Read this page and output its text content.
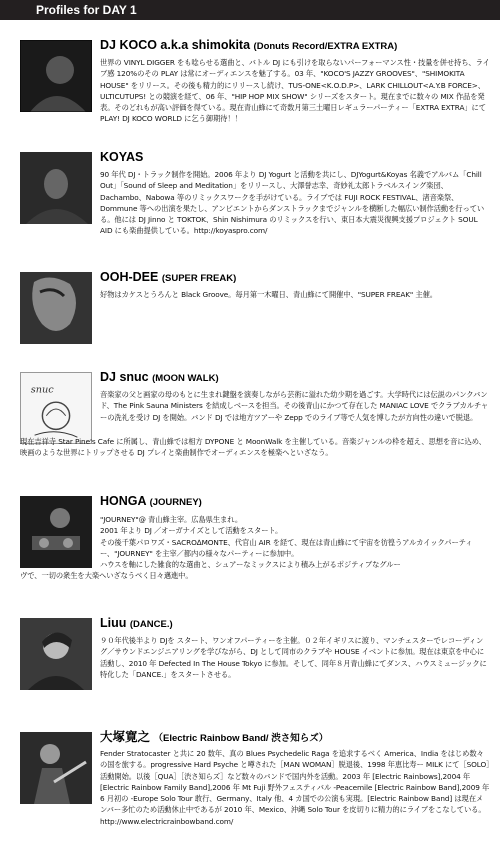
Profiles for DAY 1
DJ KOCO a.k.a shimokita (Donuts Record/EXTRA EXTRA)
世界の VINYL DIGGER をも唸らせる選曲と、バトル DJ にも引けを取らないパーフォーマンス性・技量を併せ持ち、ライブ感 120%のその PLAY は常にオーディエンスを魅了する。03 年、"KOCO'S JAZZY GROOVES"、"SHIMOKITA HOUSE" をリリース。その後も精力的にリリースし続け、TUS-ONE<K.O.D.P>、LARK CHILLOUT<A.Y.B FORCE>、ULTICUTUPS! との競演を経て、06 年、"HIP HOP MIX SHOW" シリーズをスタート。現在までに数々の MIX 作品を発表。そのどれもが高い評価を得ている。現在青山蜂にて奇数月第三土曜日レギュラーパーティー「EXTRA EXTRA」にて PLAY! DJ KOCO WORLD に乞う御期待！！
KOYAS
90 年代 DJ・トラック制作を開始。2006 年より DJ Yogurt と活動を共にし、DJYogurt&Koyas 名義でアルバム「Chill Out」「Sound of Sleep and Meditation」をリリースし、大澤誉志幸、奇妙礼太郎トラベルスイング楽団、Dachambo、Nabowa 等のリミックスワークを手がけている。ライブでは FUJI ROCK FESTIVAL、渚音楽祭、Dommune 等への出演を果たし、アンビエントからダンストラックまでジャンルを横断した幅広い制作活動を行っている。他には DJ Jinno と TOKTOK、Shin Nishimura のリミックスを行い、東日本大震災復興支援プロジェクト SOUL AID にも楽曲提供している。http://koyaspro.com/
OOH-DEE (SUPER FREAK)
好物はカケスとうろんと Black Groove。毎月第一木曜日、青山蜂にて開催中、"SUPER FREAK" 主催。
snuc
DJ snuc (MOON WALK)
音楽家の父と画家の母のもとに生まれ鍵盤を演奏しながら芸術に溢れた幼少期を過ごす。大学時代には伝説のパンクバンド、The Pink Sauna Ministers を結成しベースを担当。その後青山にかつて存在した MANIAC LOVE でクラブカルチャーの洗礼を受け DJ を開始。バンド DJ では地方ツアーや Zepp でのライブ等で人気を博したが方向性の違いで脱退。
現在吉祥寺 Star Pine's Cafe に所属し、青山蜂では相方 DYPONE と MoonWalk を主催している。音楽ジャンルの枠を超え、思想を音に込め、映画のような世界にトリップさせる DJ プレイと楽曲制作でオーディエンスを極楽へといざなう。
HONGA (JOURNEY)
"JOURNEY"@ 青山蜂主宰。広島県生まれ。
2001 年より DJ ／オーガナイズとして活動をスタート。
その後千葉パロワズ・SACRO∆MONTE、代官山 AIR を経て、現在は青山蜂にて宇宙を彷徨うアルカイックパーティー、"JOURNEY" を主宰／都内の様々なパーティーに参加中。
ハウスを軸にした雑食的な選曲と、シュアーなミックスにより積み上がるポジティブなグルー
ヴで、一切の衆生を大楽へいざなうべく日々邁進中。
Liuu (DANCE.)
９０年代後半より DJを スタート、ワンオフパーティーを主催。０２年イギリスに渡り、マンチェスターでレコーディング／サウンドエンジニアリングを学びながら、DJ として同市のクラブや HOUSE イベントに参加。現在は東京を中心に活動し、2010 年 Defected In The House Tokyo に参加。そして、同年８月青山蜂にてダンス、ハウスミュージックに特化した「DANCE.」をスタートさせる。
大塚寛之 （Electric Rainbow Band/ 渋さ知らズ）
Fender Stratocaster と共に 20 数年、真の Blues Psychedelic Raga を追求するべく America、India をはじめ数々の国を旅する。progressive Hard Psyche と噂された［MAN WOMAN］脱退後、1998 年恵比寿ー MILK にて［SOLO］活動開始。以後［QUA］［渋さ知らズ］など数々のバンドで国内外を活動。2003 年 [Electric Rainbows],2004 年 [Electric Rainbow Family Band],2006 年 Mt Fuji 野外フェスティバル -Peacemile [Electric Rainbow Band],2009 年 6 月初の -Europe Solo Tour 敢行、Germany、Italy 他、4 カ国での公演も実現。[Electric Rainbow Band] は現在メンバー多忙のため活動休止中であるが 2010 年、Mexico、沖縄 Solo Tour を皮切りに精力的にライブをこなしている。　http://www.electricrainbowband.com/
